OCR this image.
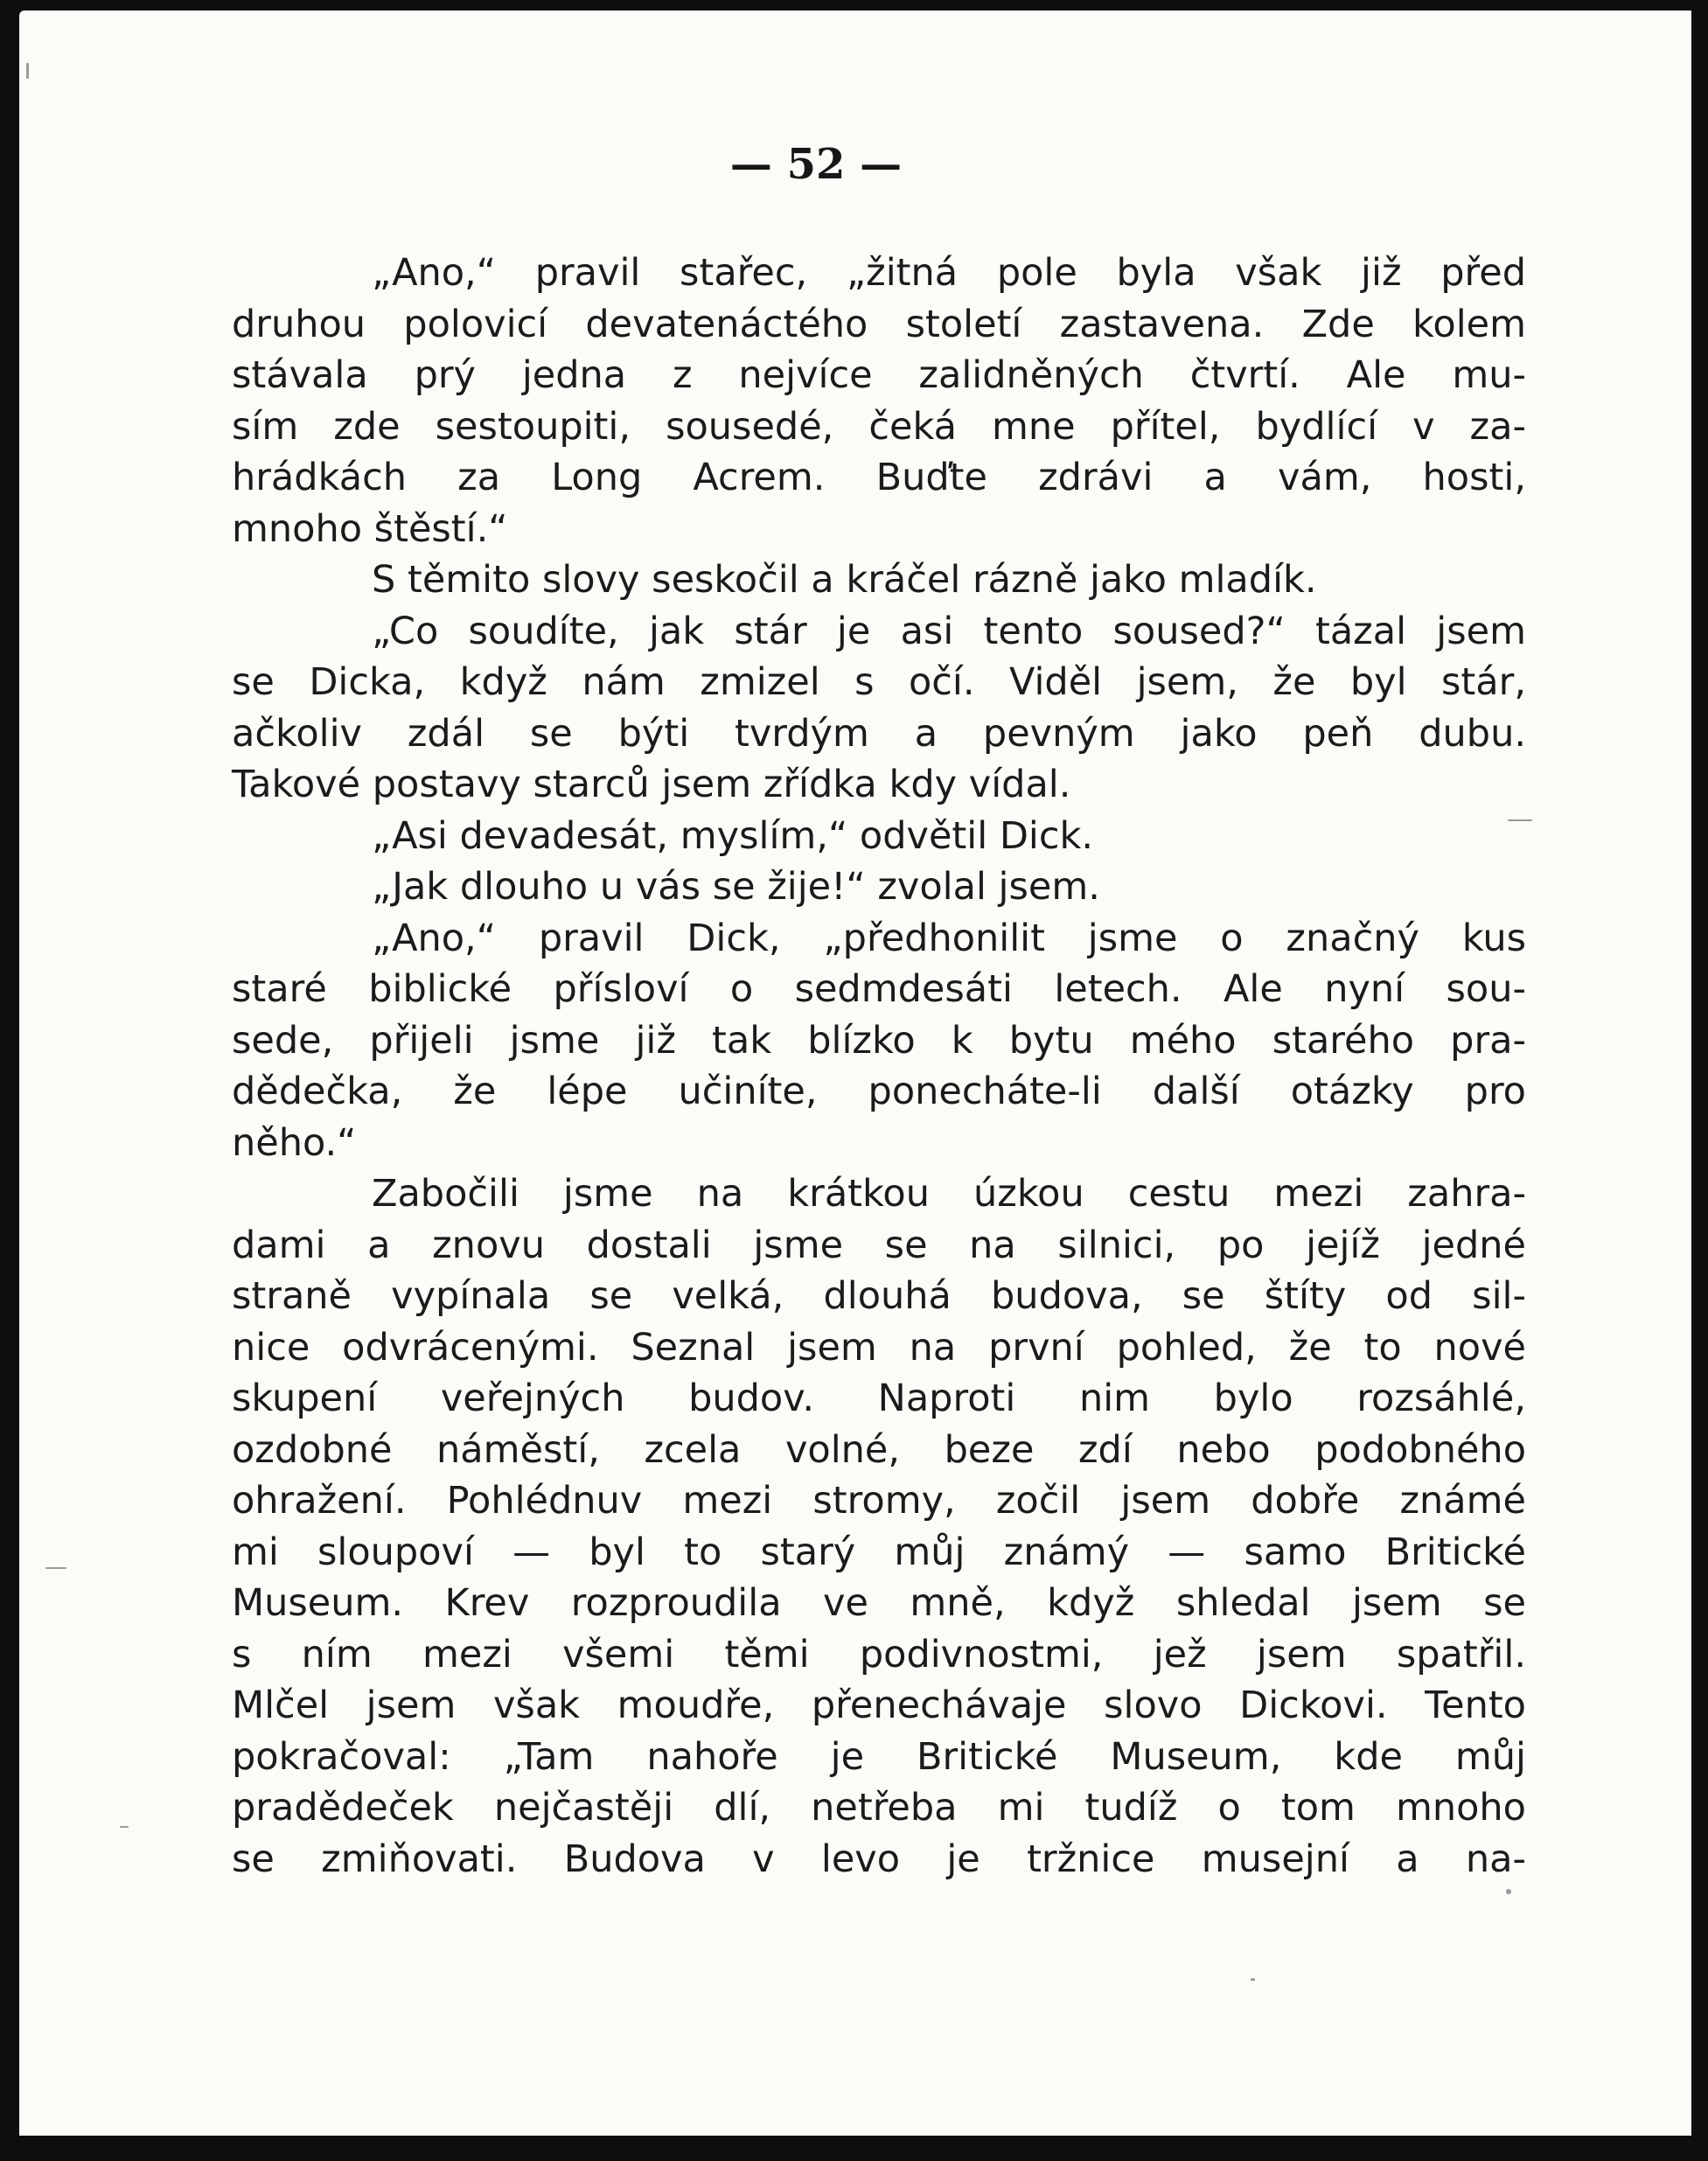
— 52 —
„Ano,“ pravil stařec, „žitná pole byla však již před
druhou polovicí devatenáctého století zastavena. Zde kolem
stávala prý jedna z nejvíce zalidněných čtvrtí. Ale mu-
sím zde sestoupiti, sousedé, čeká mne přítel, bydlící v za-
hrádkách za Long Acrem. Buďte zdrávi a vám, hosti,
mnoho štěstí.“
S těmito slovy seskočil a kráčel rázně jako mladík.
„Co soudíte, jak stár je asi tento soused?“ tázal jsem
se Dicka, když nám zmizel s očí. Viděl jsem, že byl stár,
ačkoliv zdál se býti tvrdým a pevným jako peň dubu.
Takové postavy starců jsem zřídka kdy vídal.
„Asi devadesát, myslím,“ odvětil Dick.
„Jak dlouho u vás se žije!“ zvolal jsem.
„Ano,“ pravil Dick, „předhonilit jsme o značný kus
staré biblické přísloví o sedmdesáti letech. Ale nyní sou-
sede, přijeli jsme již tak blízko k bytu mého starého pra-
dědečka, že lépe učiníte, ponecháte-li další otázky pro
něho.“
Zabočili jsme na krátkou úzkou cestu mezi zahra-
dami a znovu dostali jsme se na silnici, po jejíž jedné
straně vypínala se velká, dlouhá budova, se štíty od sil-
nice odvrácenými. Seznal jsem na první pohled, že to nové
skupení veřejných budov. Naproti nim bylo rozsáhlé,
ozdobné náměstí, zcela volné, beze zdí nebo podobného
ohražení. Pohlédnuv mezi stromy, zočil jsem dobře známé
mi sloupoví — byl to starý můj známý — samo Britické
Museum. Krev rozproudila ve mně, když shledal jsem se
s ním mezi všemi těmi podivnostmi, jež jsem spatřil.
Mlčel jsem však moudře, přenechávaje slovo Dickovi. Tento
pokračoval: „Tam nahoře je Britické Museum, kde můj
pradědeček nejčastěji dlí, netřeba mi tudíž o tom mnoho
se zmiňovati. Budova v levo je tržnice musejní a na-
